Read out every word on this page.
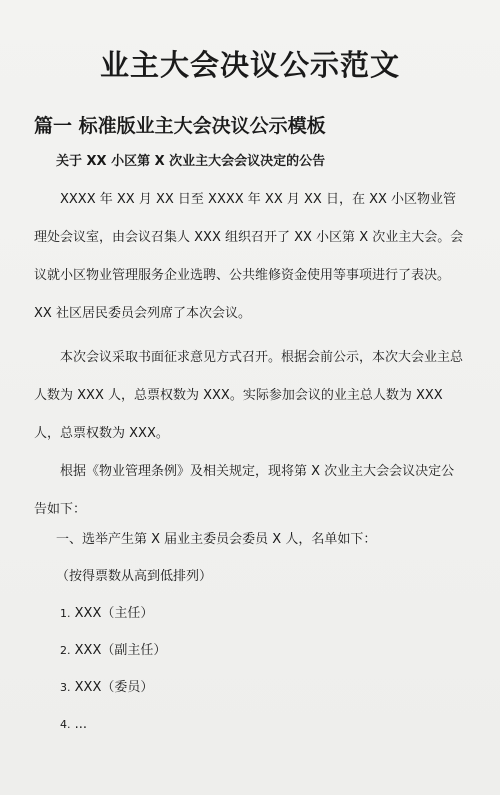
业主大会决议公示范文
篇一 标准版业主大会决议公示模板
关于 XX 小区第 X 次业主大会会议决定的公告

XXXX 年 XX 月 XX 日至 XXXX 年 XX 月 XX 日，在 XX 小区物业管理处会议室，由会议召集人 XXX 组织召开了 XX 小区第 X 次业主大会。会议就小区物业管理服务企业选聘、公共维修资金使用等事项进行了表决。XX 社区居民委员会列席了本次会议。

本次会议采取书面征求意见方式召开。根据会前公示，本次大会业主总人数为 XXX 人，总票权数为 XXX。实际参加会议的业主总人数为 XXX 人，总票权数为 XXX。

根据《物业管理条例》及相关规定，现将第 X 次业主大会会议决定公告如下：

一、选举产生第 X 届业主委员会委员 X 人，名单如下：
（按得票数从高到低排列）
1. XXX（主任）
2. XXX（副主任）
3. XXX（委员）
4. ...
